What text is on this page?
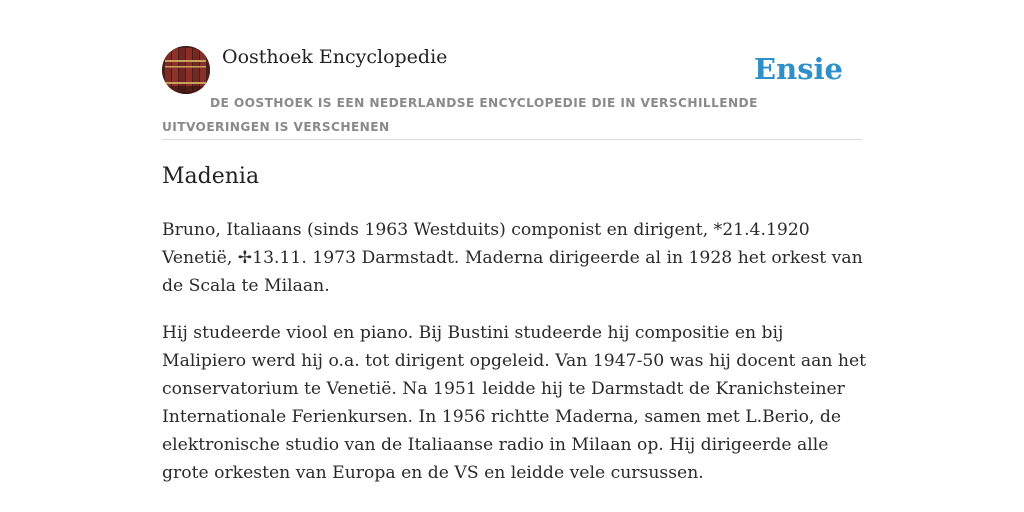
Oosthoek Encyclopedie	Ensie
DE OOSTHOEK IS EEN NEDERLANDSE ENCYCLOPEDIE DIE IN VERSCHILLENDE UITVOERINGEN IS VERSCHENEN
Madenia

Bruno, Italiaans (sinds 1963 Westduits) componist en dirigent, *21.4.1920 Venetië, ✢13.11. 1973 Darmstadt. Maderna dirigeerde al in 1928 het orkest van de Scala te Milaan.

Hij studeerde viool en piano. Bij Bustini studeerde hij compositie en bij Malipiero werd hij o.a. tot dirigent opgeleid. Van 1947-50 was hij docent aan het conservatorium te Venetië. Na 1951 leidde hij te Darmstadt de Kranichsteiner Internationale Ferienkursen. In 1956 richtte Maderna, samen met L.Berio, de elektronische studio van de Italiaanse radio in Milaan op. Hij dirigeerde alle grote orkesten van Europa en de VS en leidde vele cursussen.
